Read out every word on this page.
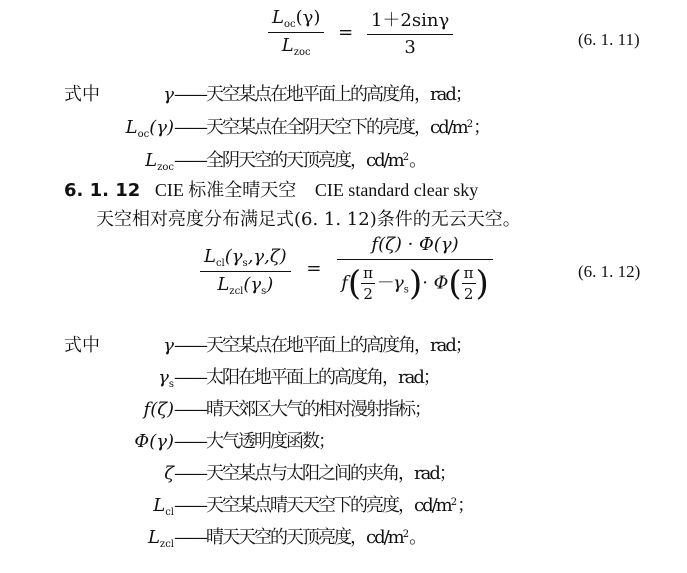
$\frac{L_{oc}(\gamma)}{L_{zoc}} = \frac{1+2\sin\gamma}{3}$	(6. 1. 11)
式中	γ——天空某点在地平面上的高度角，rad；
$L_{oc}(\gamma)——$天空某点在全阴天空下的亮度，$cd/m^2$；
$L_{zoc}——$全阴天空的天顶亮度，$cd/m^2$。
6. 1. 12 CIE 标准全晴天空 CIE standard clear sky
天空相对亮度分布满足式(6. 1. 12)条件的无云天空。
$\frac{L_{cl}(\gamma_s,\gamma,\zeta)}{L_{zcl}(\gamma_s)} = \frac{f(\zeta) \cdot \Phi(\gamma)}{f( \frac{\pi}{2} -\gamma_s)\cdot \Phi( \frac{\pi}{2} )}$	(6. 1. 12)
式中	γ——天空某点在地平面上的高度角，rad；
$\gamma_s——$太阳在地平面上的高度角，rad；
f(ζ)——晴天郊区大气的相对漫射指标；
Φ(γ)——大气透明度函数；
ζ——天空某点与太阳之间的夹角，rad；
$L_{cl}——$天空某点晴天天空下的亮度，$cd/m^2$；
$L_{zcl}——$晴天天空的天顶亮度，$cd/m^2$。
